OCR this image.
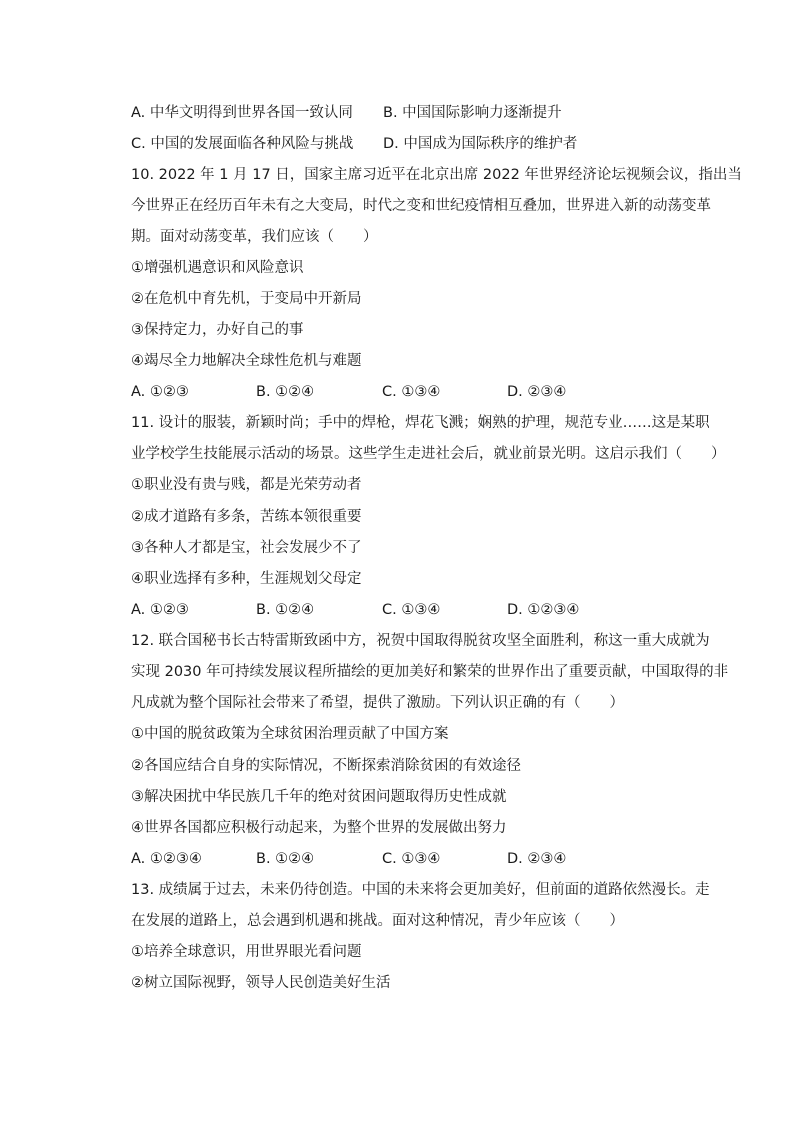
A. 中华文明得到世界各国一致认同 B. 中国国际影响力逐渐提升
C. 中国的发展面临各种风险与挑战 D. 中国成为国际秩序的维护者
10. 2022 年 1 月 17 日，国家主席习近平在北京出席 2022 年世界经济论坛视频会议，指出当
今世界正在经历百年未有之大变局，时代之变和世纪疫情相互叠加，世界进入新的动荡变革
期。面对动荡变革，我们应该（　　）
①增强机遇意识和风险意识
②在危机中育先机，于变局中开新局
③保持定力，办好自己的事
④竭尽全力地解决全球性危机与难题
A. ①②③	B. ①②④	C. ①③④	D. ②③④
11. 设计的服装，新颖时尚；手中的焊枪，焊花飞溅；娴熟的护理，规范专业……这是某职
业学校学生技能展示活动的场景。这些学生走进社会后，就业前景光明。这启示我们（　　）
①职业没有贵与贱，都是光荣劳动者
②成才道路有多条，苦练本领很重要
③各种人才都是宝，社会发展少不了
④职业选择有多种，生涯规划父母定
A. ①②③	B. ①②④	C. ①③④	D. ①②③④
12. 联合国秘书长古特雷斯致函中方，祝贺中国取得脱贫攻坚全面胜利，称这一重大成就为
实现 2030 年可持续发展议程所描绘的更加美好和繁荣的世界作出了重要贡献，中国取得的非
凡成就为整个国际社会带来了希望，提供了激励。下列认识正确的有（　　）
①中国的脱贫政策为全球贫困治理贡献了中国方案
②各国应结合自身的实际情况，不断探索消除贫困的有效途径
③解决困扰中华民族几千年的绝对贫困问题取得历史性成就
④世界各国都应积极行动起来，为整个世界的发展做出努力
A. ①②③④	B. ①②④	C. ①③④	D. ②③④
13. 成绩属于过去，未来仍待创造。中国的未来将会更加美好，但前面的道路依然漫长。走
在发展的道路上，总会遇到机遇和挑战。面对这种情况，青少年应该（　　）
①培养全球意识，用世界眼光看问题
②树立国际视野，领导人民创造美好生活
